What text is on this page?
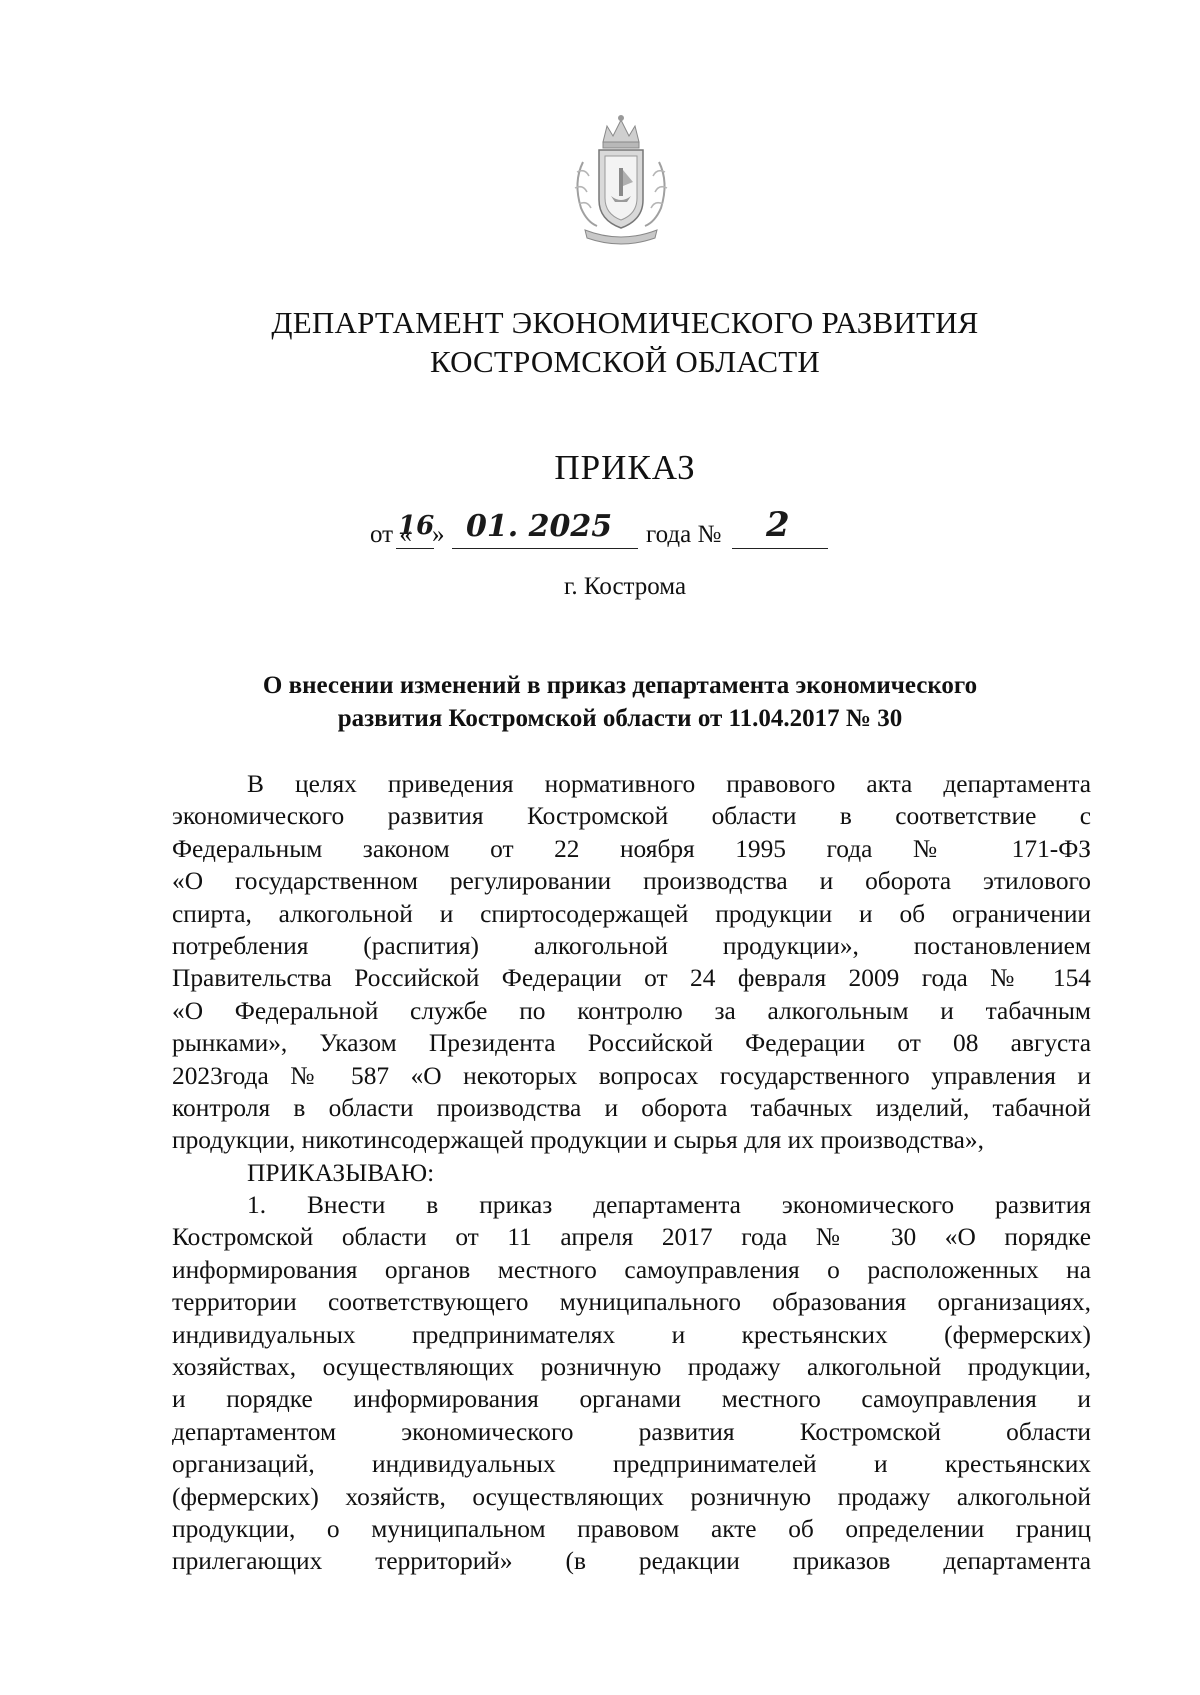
ДЕПАРТАМЕНТ ЭКОНОМИЧЕСКОГО РАЗВИТИЯ
КОСТРОМСКОЙ ОБЛАСТИ
ПРИКАЗ
от «
16
» 01. 2025 года № 2
г. Кострома
О внесении изменений в приказ департамента экономического
развития Костромской области от 11.04.2017 № 30
В целях приведения нормативного правового акта департамента
экономического развития Костромской области в соответствие с
Федеральным законом от 22 ноября 1995 года № 171-ФЗ
«О государственном регулировании производства и оборота этилового
спирта, алкогольной и спиртосодержащей продукции и об ограничении
потребления (распития) алкогольной продукции», постановлением
Правительства Российской Федерации от 24 февраля 2009 года № 154
«О Федеральной службе по контролю за алкогольным и табачным
рынками», Указом Президента Российской Федерации от 08 августа
2023года № 587 «О некоторых вопросах государственного управления и
контроля в области производства и оборота табачных изделий, табачной
продукции, никотинсодержащей продукции и сырья для их производства»,
ПРИКАЗЫВАЮ:
1. Внести в приказ департамента экономического развития
Костромской области от 11 апреля 2017 года № 30 «О порядке
информирования органов местного самоуправления о расположенных на
территории соответствующего муниципального образования организациях,
индивидуальных предпринимателях и крестьянских (фермерских)
хозяйствах, осуществляющих розничную продажу алкогольной продукции,
и порядке информирования органами местного самоуправления и
департаментом экономического развития Костромской области
организаций, индивидуальных предпринимателей и крестьянских
(фермерских) хозяйств, осуществляющих розничную продажу алкогольной
продукции, о муниципальном правовом акте об определении границ
прилегающих территорий» (в редакции приказов департамента
